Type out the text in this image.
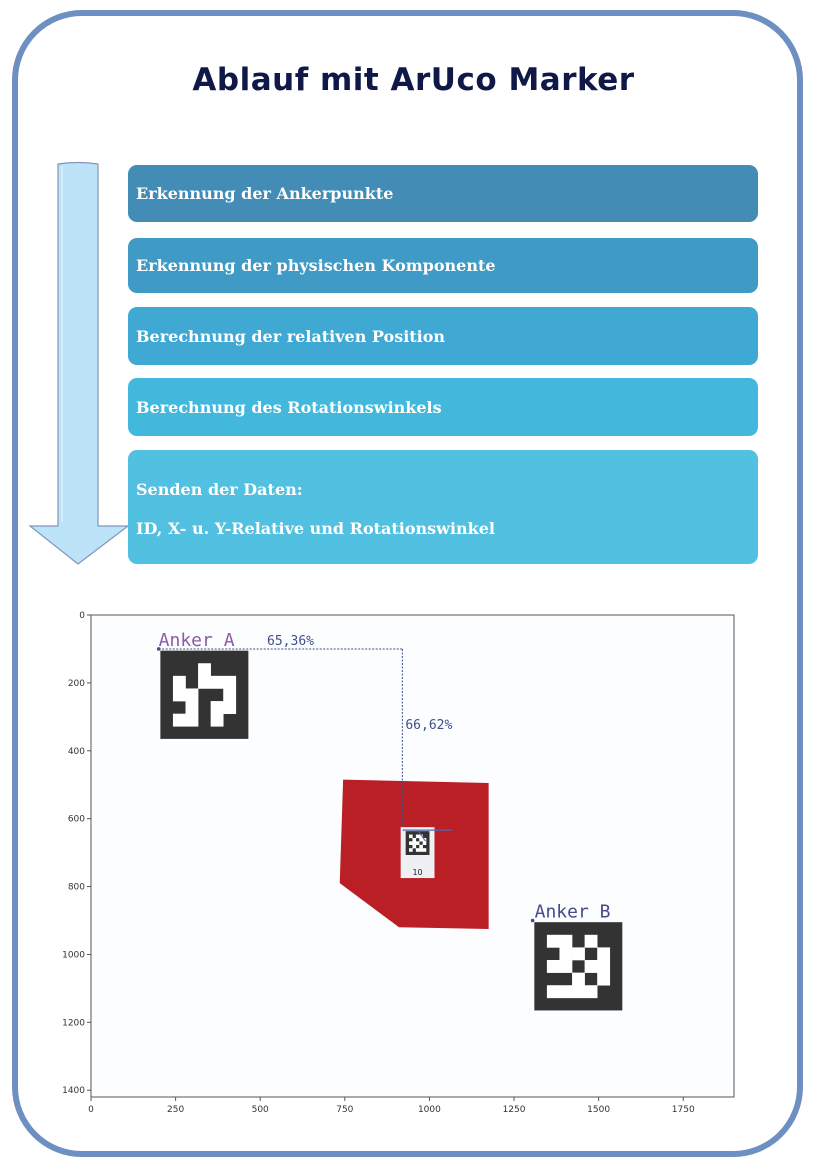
Ablauf mit ArUco Marker
Erkennung der Ankerpunkte
Erkennung der physischen Komponente
Berechnung der relativen Position
Berechnung des Rotationswinkels
Senden der Daten:
ID, X- u. Y-Relative und Rotationswinkel
0	250	500	750	1000	1250	1500	1750
0
200
400
600
800
1000
1200
1400
10
Anker A
Anker B
65,36%
66,62%
